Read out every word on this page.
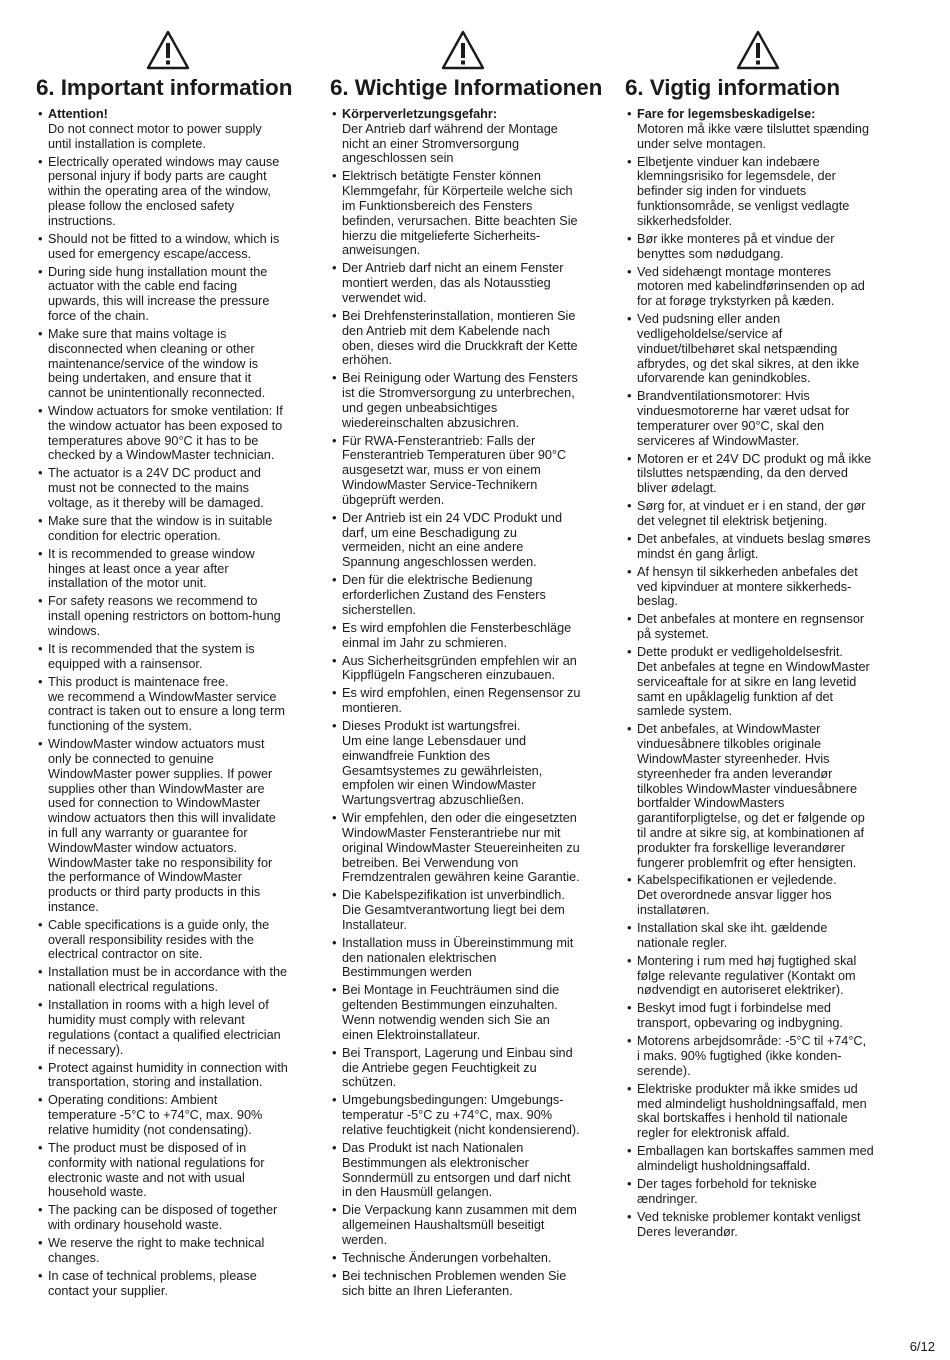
6. Important information
• Attention!
Do not connect motor to power supply
until installation is complete.
• Electrically operated windows may cause
personal injury if body parts are caught
within the operating area of the window,
please follow the enclosed safety
instructions.
• Should not be fitted to a window, which is
used for emergency escape/access.
• During side hung installation mount the
actuator with the cable end facing
upwards, this will increase the pressure
force of the chain.
• Make sure that mains voltage is
disconnected when cleaning or other
maintenance/service of the window is
being undertaken, and ensure that it
cannot be unintentionally reconnected.
• Window actuators for smoke ventilation: If
the window actuator has been exposed to
temperatures above 90°C it has to be
checked by a WindowMaster technician.
• The actuator is a 24V DC product and
must not be connected to the mains
voltage, as it thereby will be damaged.
• Make sure that the window is in suitable
condition for electric operation.
• It is recommended to grease window
hinges at least once a year after
installation of the motor unit.
• For safety reasons we recommend to
install opening restrictors on bottom-hung
windows.
• It is recommended that the system is
equipped with a rainsensor.
• This product is maintenace free.
we recommend a WindowMaster service
contract is taken out to ensure a long term
functioning of the system.
• WindowMaster window actuators must
only be connected to genuine
WindowMaster power supplies. If power
supplies other than WindowMaster are
used for connection to WindowMaster
window actuators then this will invalidate
in full any warranty or guarantee for
WindowMaster window actuators.
WindowMaster take no responsibility for
the performance of WindowMaster
products or third party products in this
instance.
• Cable specifications is a guide only, the
overall responsibility resides with the
electrical contractor on site.
• Installation must be in accordance with the
nationall electrical regulations.
• Installation in rooms with a high level of
humidity must comply with relevant
regulations (contact a qualified electrician
if necessary).
• Protect against humidity in connection with
transportation, storing and installation.
• Operating conditions: Ambient
temperature -5°C to +74°C, max. 90%
relative humidity (not condensating).
• The product must be disposed of in
conformity with national regulations for
electronic waste and not with usual
household waste.
• The packing can be disposed of together
with ordinary household waste.
• We reserve the right to make technical
changes.
• In case of technical problems, please
contact your supplier.
6. Wichtige Informationen
• Körperverletzungsgefahr:
Der Antrieb darf während der Montage
nicht an einer Stromversorgung
angeschlossen sein
• Elektrisch betätigte Fenster können
Klemmgefahr, für Körperteile welche sich
im Funktionsbereich des Fensters
befinden, verursachen. Bitte beachten Sie
hierzu die mitgelieferte Sicherheits-
anweisungen.
• Der Antrieb darf nicht an einem Fenster
montiert werden, das als Notausstieg
verwendet wid.
• Bei Drehfensterinstallation, montieren Sie
den Antrieb mit dem Kabelende nach
oben, dieses wird die Druckkraft der Kette
erhöhen.
• Bei Reinigung oder Wartung des Fensters
ist die Stromversorgung zu unterbrechen,
und gegen unbeabsichtiges
wiedereinschalten abzusichren.
• Für RWA-Fensterantrieb: Falls der
Fensterantrieb Temperaturen über 90°C
ausgesetzt war, muss er von einem
WindowMaster Service-Technikern
übgeprüft werden.
• Der Antrieb ist ein 24 VDC Produkt und
darf, um eine Beschadigung zu
vermeiden, nicht an eine andere
Spannung angeschlossen werden.
• Den für die elektrische Bedienung
erforderlichen Zustand des Fensters
sicherstellen.
• Es wird empfohlen die Fensterbeschläge
einmal im Jahr zu schmieren.
• Aus Sicherheitsgründen empfehlen wir an
Kippflügeln Fangscheren einzubauen.
• Es wird empfohlen, einen Regensensor zu
montieren.
• Dieses Produkt ist wartungsfrei.
Um eine lange Lebensdauer und
einwandfreie Funktion des
Gesamtsystemes zu gewährleisten,
empfolen wir einen WindowMaster
Wartungsvertrag abzuschließen.
• Wir empfehlen, den oder die eingesetzten
WindowMaster Fensterantriebe nur mit
original WindowMaster Steuereinheiten zu
betreiben. Bei Verwendung von
Fremdzentralen gewähren keine Garantie.
• Die Kabelspezifikation ist unverbindlich.
Die Gesamtverantwortung liegt bei dem
Installateur.
• Installation muss in Übereinstimmung mit
den nationalen elektrischen
Bestimmungen werden
• Bei Montage in Feuchträumen sind die
geltenden Bestimmungen einzuhalten.
Wenn notwendig wenden sich Sie an
einen Elektroinstallateur.
• Bei Transport, Lagerung und Einbau sind
die Antriebe gegen Feuchtigkeit zu
schützen.
• Umgebungsbedingungen: Umgebungs-
temperatur -5°C zu +74°C, max. 90%
relative feuchtigkeit (nicht kondensierend).
• Das Produkt ist nach Nationalen
Bestimmungen als elektronischer
Sonndermüll zu entsorgen und darf nicht
in den Hausmüll gelangen.
• Die Verpackung kann zusammen mit dem
allgemeinen Haushaltsmüll beseitigt
werden.
• Technische Änderungen vorbehalten.
• Bei technischen Problemen wenden Sie
sich bitte an Ihren Lieferanten.
6. Vigtig information
• Fare for legemsbeskadigelse:
Motoren må ikke være tilsluttet spænding
under selve montagen.
• Elbetjente vinduer kan indebære
klemningsrisiko for legemsdele, der
befinder sig inden for vinduets
funktionsområde, se venligst vedlagte
sikkerhedsfolder.
• Bør ikke monteres på et vindue der
benyttes som nødudgang.
• Ved sidehængt montage monteres
motoren med kabelindførinsenden op ad
for at forøge trykstyrken på kæden.
• Ved pudsning eller anden
vedligeholdelse/service af
vinduet/tilbehøret skal netspænding
afbrydes, og det skal sikres, at den ikke
uforvarende kan genindkobles.
• Brandventilationsmotorer: Hvis
vinduesmotorerne har været udsat for
temperaturer over 90°C, skal den
serviceres af WindowMaster.
• Motoren er et 24V DC produkt og må ikke
tilsluttes netspænding, da den derved
bliver ødelagt.
• Sørg for, at vinduet er i en stand, der gør
det velegnet til elektrisk betjening.
• Det anbefales, at vinduets beslag smøres
mindst én gang årligt.
• Af hensyn til sikkerheden anbefales det
ved kipvinduer at montere sikkerheds-
beslag.
• Det anbefales at montere en regnsensor
på systemet.
• Dette produkt er vedligeholdelsesfrit.
Det anbefales at tegne en WindowMaster
serviceaftale for at sikre en lang levetid
samt en upåklagelig funktion af det
samlede system.
• Det anbefales, at WindowMaster
vinduesåbnere tilkobles originale
WindowMaster styreenheder. Hvis
styreenheder fra anden leverandør
tilkobles WindowMaster vinduesåbnere
bortfalder WindowMasters
garantiforpligtelse, og det er følgende op
til andre at sikre sig, at kombinationen af
produkter fra forskellige leverandører
fungerer problemfrit og efter hensigten.
• Kabelspecifikationen er vejledende.
Det overordnede ansvar ligger hos
installatøren.
• Installation skal ske iht. gældende
nationale regler.
• Montering i rum med høj fugtighed skal
følge relevante regulativer (Kontakt om
nødvendigt en autoriseret elektriker).
• Beskyt imod fugt i forbindelse med
transport, opbevaring og indbygning.
• Motorens arbejdsområde: -5°C til +74°C,
i maks. 90% fugtighed (ikke konden-
serende).
• Elektriske produkter må ikke smides ud
med almindeligt husholdningsaffald, men
skal bortskaffes i henhold til nationale
regler for elektronisk affald.
• Emballagen kan bortskaffes sammen med
almindeligt husholdningsaffald.
• Der tages forbehold for tekniske
ændringer.
• Ved tekniske problemer kontakt venligst
Deres leverandør.
6/12
